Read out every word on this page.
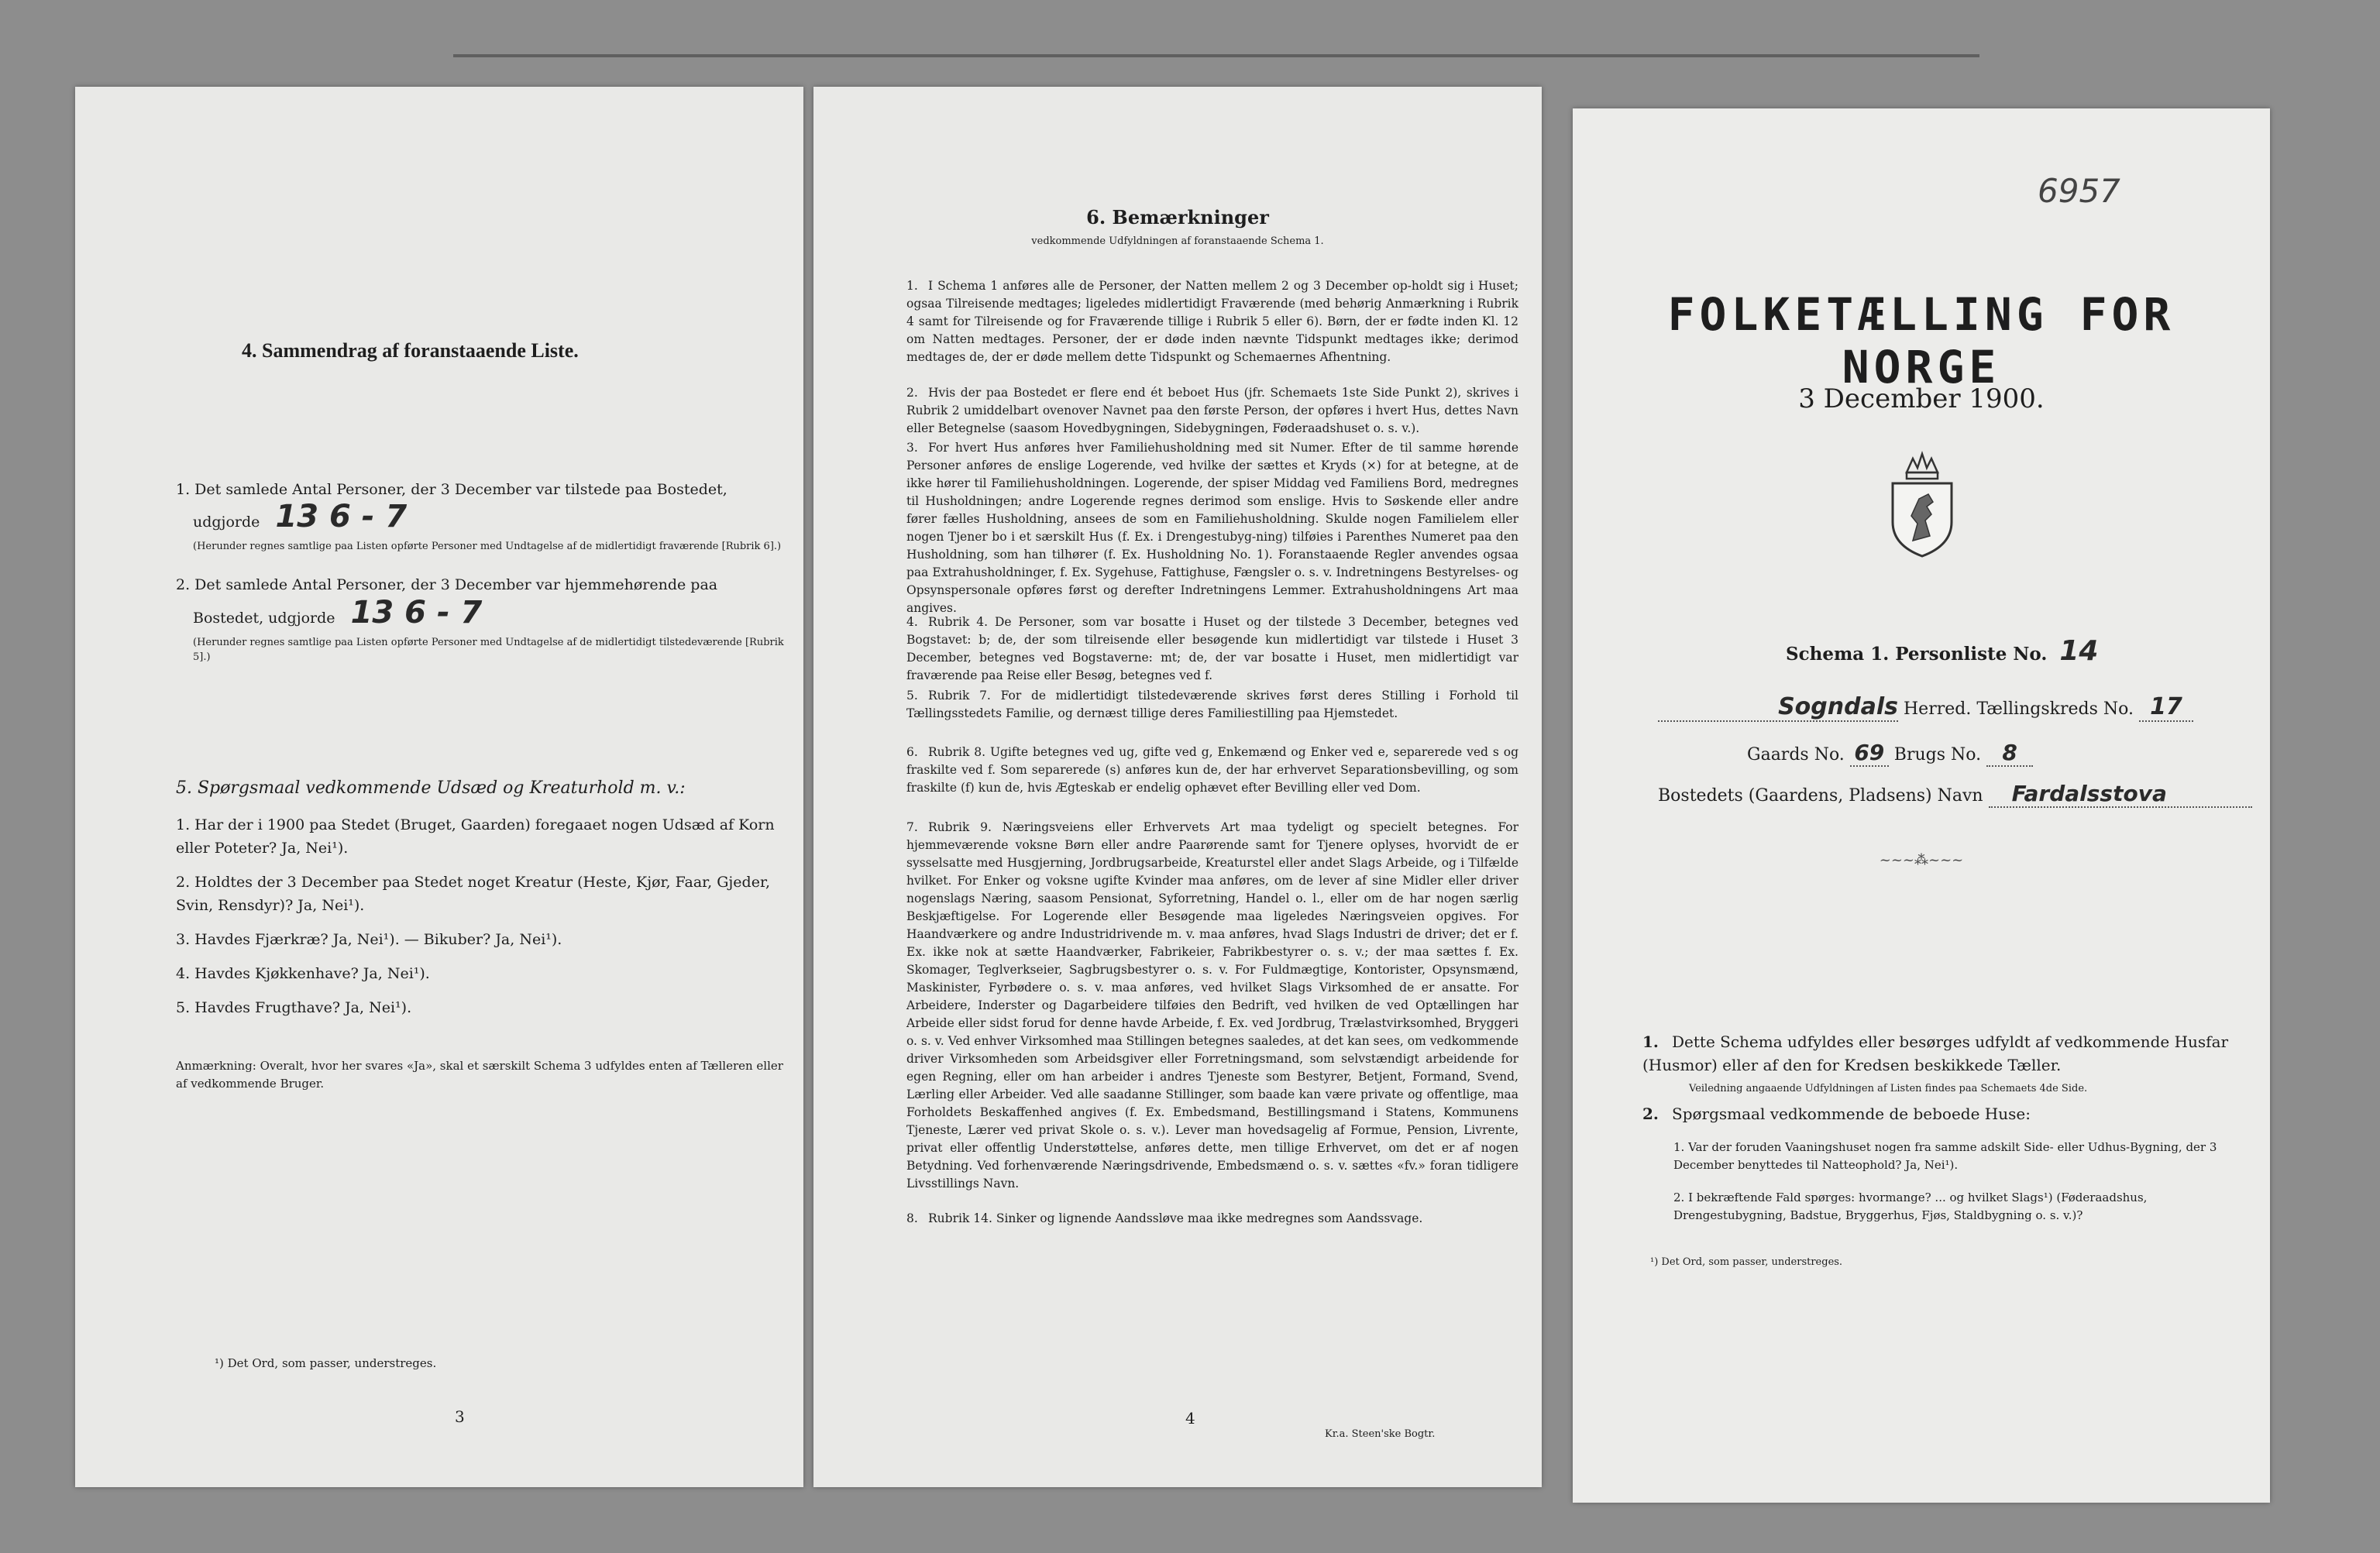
4. Sammendrag af foranstaaende Liste.
1. Det samlede Antal Personer, der 3 December var tilstede paa Bostedet,
udgjorde 13 6 - 7
(Herunder regnes samtlige paa Listen opførte Personer med Undtagelse af de midlertidigt fraværende [Rubrik 6].)
2. Det samlede Antal Personer, der 3 December var hjemmehørende paa
Bostedet, udgjorde 13 6 - 7
(Herunder regnes samtlige paa Listen opførte Personer med Undtagelse af de midlertidigt tilstedeværende [Rubrik 5].)
5. Spørgsmaal vedkommende Udsæd og Kreaturhold m. v.:
1. Har der i 1900 paa Stedet (Bruget, Gaarden) foregaaet nogen Udsæd af Korn eller Poteter? Ja, Nei¹).
2. Holdtes der 3 December paa Stedet noget Kreatur (Heste, Kjør, Faar, Gjeder, Svin, Rensdyr)? Ja, Nei¹).
3. Havdes Fjærkræ? Ja, Nei¹). — Bikuber? Ja, Nei¹).
4. Havdes Kjøkkenhave? Ja, Nei¹).
5. Havdes Frugthave? Ja, Nei¹).
Anmærkning: Overalt, hvor her svares «Ja», skal et særskilt Schema 3 udfyldes enten af Tælleren eller af vedkommende Bruger.
¹) Det Ord, som passer, understreges.
3
6. Bemærkninger
vedkommende Udfyldningen af foranstaaende Schema 1.
1. I Schema 1 anføres alle de Personer, der Natten mellem 2 og 3 December op-holdt sig i Huset; ogsaa Tilreisende medtages; ligeledes midlertidigt Fraværende (med behørig Anmærkning i Rubrik 4 samt for Tilreisende og for Fraværende tillige i Rubrik 5 eller 6). Børn, der er fødte inden Kl. 12 om Natten medtages. Personer, der er døde inden nævnte Tidspunkt medtages ikke; derimod medtages de, der er døde mellem dette Tidspunkt og Schemaernes Afhentning.
2. Hvis der paa Bostedet er flere end ét beboet Hus (jfr. Schemaets 1ste Side Punkt 2), skrives i Rubrik 2 umiddelbart ovenover Navnet paa den første Person, der opføres i hvert Hus, dettes Navn eller Betegnelse (saasom Hovedbygningen, Sidebygningen, Føderaadshuset o. s. v.).
3. For hvert Hus anføres hver Familiehusholdning med sit Numer. Efter de til samme hørende Personer anføres de enslige Logerende, ved hvilke der sættes et Kryds (×) for at betegne, at de ikke hører til Familiehusholdningen. Logerende, der spiser Middag ved Familiens Bord, medregnes til Husholdningen; andre Logerende regnes derimod som enslige. Hvis to Søskende eller andre fører fælles Husholdning, ansees de som en Familiehusholdning. Skulde nogen Familielem eller nogen Tjener bo i et særskilt Hus (f. Ex. i Drengestubyg-ning) tilføies i Parenthes Numeret paa den Husholdning, som han tilhører (f. Ex. Husholdning No. 1). Foranstaaende Regler anvendes ogsaa paa Extrahusholdninger, f. Ex. Sygehuse, Fattighuse, Fængsler o. s. v. Indretningens Bestyrelses- og Opsynspersonale opføres først og derefter Indretningens Lemmer. Extrahusholdningens Art maa angives.
4. Rubrik 4. De Personer, som var bosatte i Huset og der tilstede 3 December, betegnes ved Bogstavet: b; de, der som tilreisende eller besøgende kun midlertidigt var tilstede i Huset 3 December, betegnes ved Bogstaverne: mt; de, der var bosatte i Huset, men midlertidigt var fraværende paa Reise eller Besøg, betegnes ved f.
5. Rubrik 7. For de midlertidigt tilstedeværende skrives først deres Stilling i Forhold til Tællingsstedets Familie, og dernæst tillige deres Familiestilling paa Hjemstedet.
6. Rubrik 8. Ugifte betegnes ved ug, gifte ved g, Enkemænd og Enker ved e, separerede ved s og fraskilte ved f. Som separerede (s) anføres kun de, der har erhvervet Separationsbevilling, og som fraskilte (f) kun de, hvis Ægteskab er endelig ophævet efter Bevilling eller ved Dom.
7. Rubrik 9. Næringsveiens eller Erhvervets Art maa tydeligt og specielt betegnes. For hjemmeværende voksne Børn eller andre Paarørende samt for Tjenere oplyses, hvorvidt de er sysselsatte med Husgjerning, Jordbrugsarbeide, Kreaturstel eller andet Slags Arbeide, og i Tilfælde hvilket. For Enker og voksne ugifte Kvinder maa anføres, om de lever af sine Midler eller driver nogenslags Næring, saasom Pensionat, Syforretning, Handel o. l., eller om de har nogen særlig Beskjæftigelse. For Logerende eller Besøgende maa ligeledes Næringsveien opgives. For Haandværkere og andre Industridrivende m. v. maa anføres, hvad Slags Industri de driver; det er f. Ex. ikke nok at sætte Haandværker, Fabrikeier, Fabrikbestyrer o. s. v.; der maa sættes f. Ex. Skomager, Teglverkseier, Sagbrugsbestyrer o. s. v. For Fuldmægtige, Kontorister, Opsynsmænd, Maskinister, Fyrbødere o. s. v. maa anføres, ved hvilket Slags Virksomhed de er ansatte. For Arbeidere, Inderster og Dagarbeidere tilføies den Bedrift, ved hvilken de ved Optællingen har Arbeide eller sidst forud for denne havde Arbeide, f. Ex. ved Jordbrug, Trælastvirksomhed, Bryggeri o. s. v. Ved enhver Virksomhed maa Stillingen betegnes saaledes, at det kan sees, om vedkommende driver Virksomheden som Arbeidsgiver eller Forretningsmand, som selvstændigt arbeidende for egen Regning, eller om han arbeider i andres Tjeneste som Bestyrer, Betjent, Formand, Svend, Lærling eller Arbeider. Ved alle saadanne Stillinger, som baade kan være private og offentlige, maa Forholdets Beskaffenhed angives (f. Ex. Embedsmand, Bestillingsmand i Statens, Kommunens Tjeneste, Lærer ved privat Skole o. s. v.). Lever man hovedsagelig af Formue, Pension, Livrente, privat eller offentlig Understøttelse, anføres dette, men tillige Erhvervet, om det er af nogen Betydning. Ved forhenværende Næringsdrivende, Embedsmænd o. s. v. sættes «fv.» foran tidligere Livsstillings Navn.
8. Rubrik 14. Sinker og lignende Aandssløve maa ikke medregnes som Aandssvage.
4
Kr.a. Steen'ske Bogtr.
6957
FOLKETÆLLING FOR NORGE
3 December 1900.
Schema 1. Personliste No. 14
Sogndals Herred. Tællingskreds No. 17
Gaards No. 69 Brugs No. 8
Bostedets (Gaardens, Pladsens) Navn Fardalsstova
~~~⁂~~~
1. Dette Schema udfyldes eller besørges udfyldt af vedkommende Husfar (Husmor) eller af den for Kredsen beskikkede Tæller.
Veiledning angaaende Udfyldningen af Listen findes paa Schemaets 4de Side.
2. Spørgsmaal vedkommende de beboede Huse:
1. Var der foruden Vaaningshuset nogen fra samme adskilt Side- eller Udhus-Bygning, der 3 December benyttedes til Natteophold? Ja, Nei¹).
2. I bekræftende Fald spørges: hvormange? ... og hvilket Slags¹) (Føderaadshus, Drengestubygning, Badstue, Bryggerhus, Fjøs, Staldbygning o. s. v.)?
¹) Det Ord, som passer, understreges.
